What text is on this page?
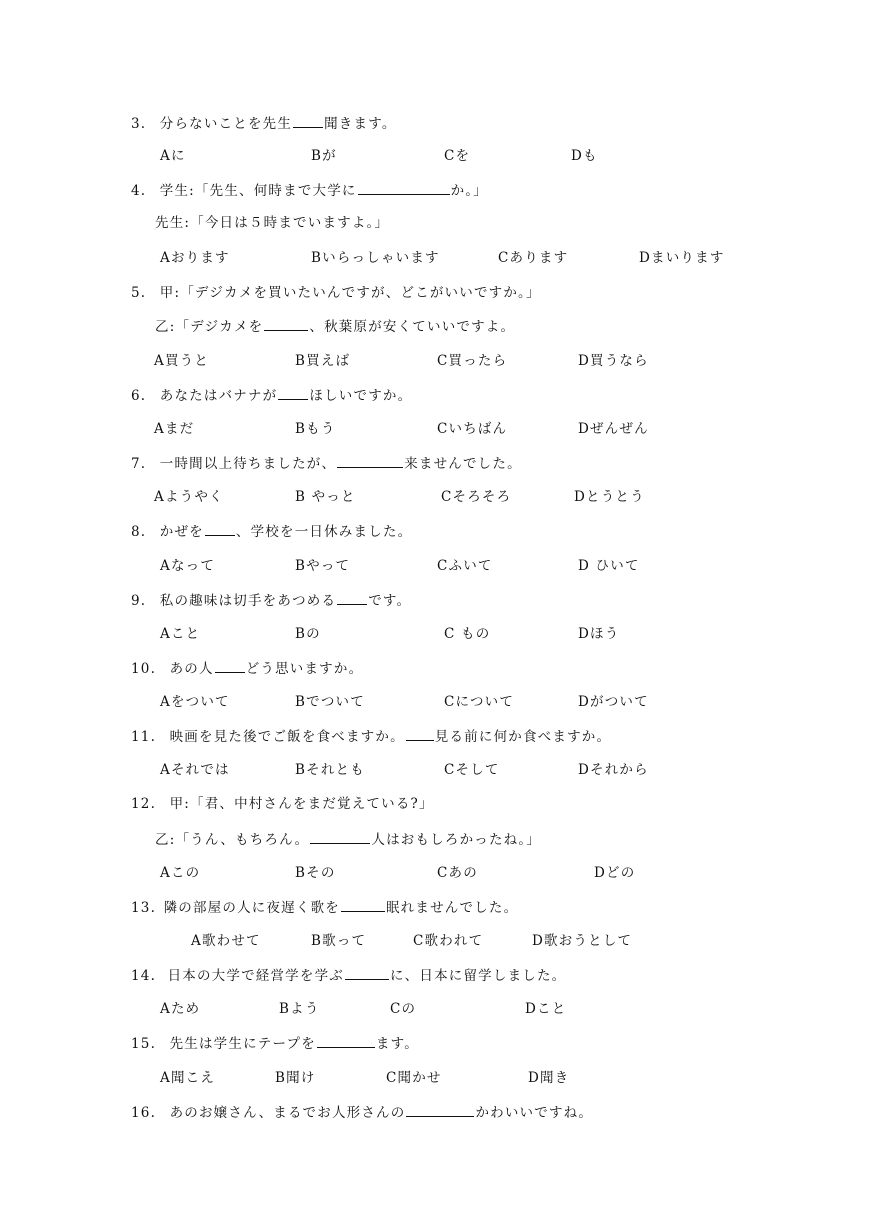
3. 分らないことを先生 聞きます。
Aに	Bが	Cを	Dも
4. 学生:「先生、何時まで大学に	か。」
先生:「今日は５時までいますよ。」
Aおります	Bいらっしゃいます	Cあります	Dまいります
5. 甲:「デジカメを買いたいんですが、どこがいいですか。」
乙:「デジカメを	、秋葉原が安くていいですよ。
A買うと	B買えば	C買ったら	D買うなら
6. あなたはバナナが ほしいですか。
Aまだ	Bもう	Cいちばん	Dぜんぜん
7. 一時間以上待ちましたが、	来ませんでした。
Aようやく	B やっと	Cそろそろ	Dとうとう
8. かぜを 、学校を一日休みました。
Aなって	Bやって	Cふいて	D ひいて
9. 私の趣味は切手をあつめる です。
Aこと	Bの	C もの	Dほう
10. あの人 どう思いますか。
Aをついて	Bでついて	Cについて	Dがついて
11. 映画を見た後でご飯を食べますか。 見る前に何か食べますか。
Aそれでは	Bそれとも	Cそして	Dそれから
12. 甲:「君、中村さんをまだ覚えている?」
乙:「うん、もちろん。	人はおもしろかったね。」
Aこの	Bその	Cあの	Dどの
13. 隣の部屋の人に夜遅く歌を	眠れませんでした。
A歌わせて	B歌って	C歌われて	D歌おうとして
14. 日本の大学で経営学を学ぶ	に、日本に留学しました。
Aため	Bよう	Cの	Dこと
15. 先生は学生にテープを	ます。
A聞こえ	B聞け	C聞かせ	D聞き
16. あのお嬢さん、まるでお人形さんの	かわいいですね。
